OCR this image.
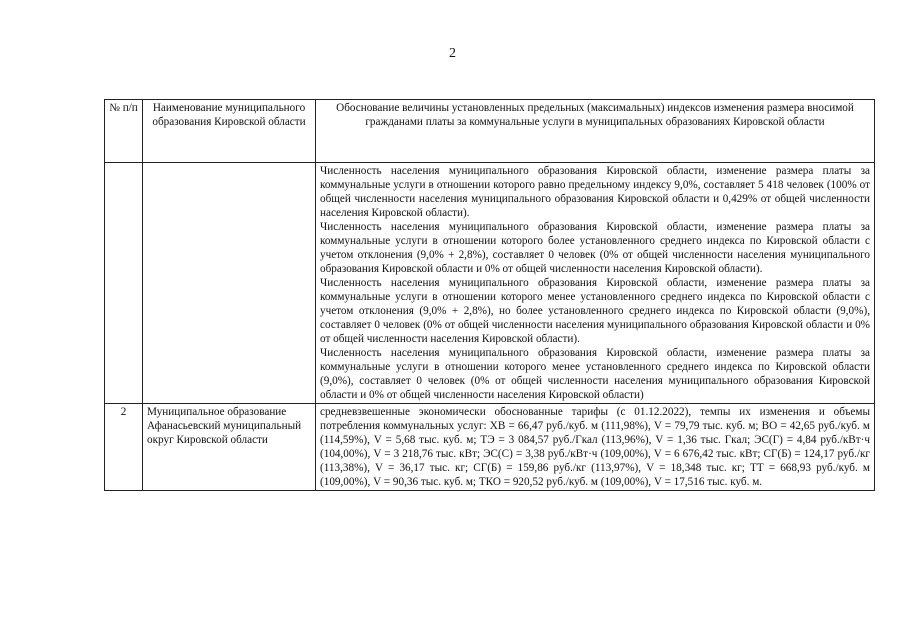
2
№ п/п	Наименование муниципального образования Кировской области	Обоснование величины установленных предельных (максимальных) индексов изменения размера вносимой гражданами платы за коммунальные услуги в муниципальных образованиях Кировской области

		Численность населения муниципального образования Кировской области, изменение размера платы за коммунальные услуги в отношении которого равно предельному индексу 9,0%, составляет 5 418 человек (100% от общей численности населения муниципального образования Кировской области и 0,429% от общей численности населения Кировской области).
Численность населения муниципального образования Кировской области, изменение размера платы за коммунальные услуги в отношении которого более установленного среднего индекса по Кировской области с учетом отклонения (9,0% + 2,8%), составляет 0 человек (0% от общей численности населения муниципального образования Кировской области и 0% от общей численности населения Кировской области).
Численность населения муниципального образования Кировской области, изменение размера платы за коммунальные услуги в отношении которого менее установленного среднего индекса по Кировской области с учетом отклонения (9,0% + 2,8%), но более установленного среднего индекса по Кировской области (9,0%), составляет 0 человек (0% от общей численности населения муниципального образования Кировской области и 0% от общей численности населения Кировской области).
Численность населения муниципального образования Кировской области, изменение размера платы за коммунальные услуги в отношении которого менее установленного среднего индекса по Кировской области (9,0%), составляет 0 человек (0% от общей численности населения муниципального образования Кировской области и 0% от общей численности населения Кировской области)

2	Муниципальное образование Афанасьевский муниципальный округ Кировской области	средневзвешенные экономически обоснованные тарифы (с 01.12.2022), темпы их изменения и объемы потребления коммунальных услуг: ХВ = 66,47 руб./куб. м (111,98%), V = 79,79 тыс. куб. м; ВО = 42,65 руб./куб. м (114,59%), V = 5,68 тыс. куб. м; ТЭ = 3 084,57 руб./Гкал (113,96%), V = 1,36 тыс. Гкал; ЭС(Г) = 4,84 руб./кВт·ч (104,00%), V = 3 218,76 тыс. кВт; ЭС(С) = 3,38 руб./кВт·ч (109,00%), V = 6 676,42 тыс. кВт; СГ(Б) = 124,17 руб./кг (113,38%), V = 36,17 тыс. кг; СГ(Б) = 159,86 руб./кг (113,97%), V = 18,348 тыс. кг; ТТ = 668,93 руб./куб. м (109,00%), V = 90,36 тыс. куб. м; ТКО = 920,52 руб./куб. м (109,00%), V = 17,516 тыс. куб. м.
